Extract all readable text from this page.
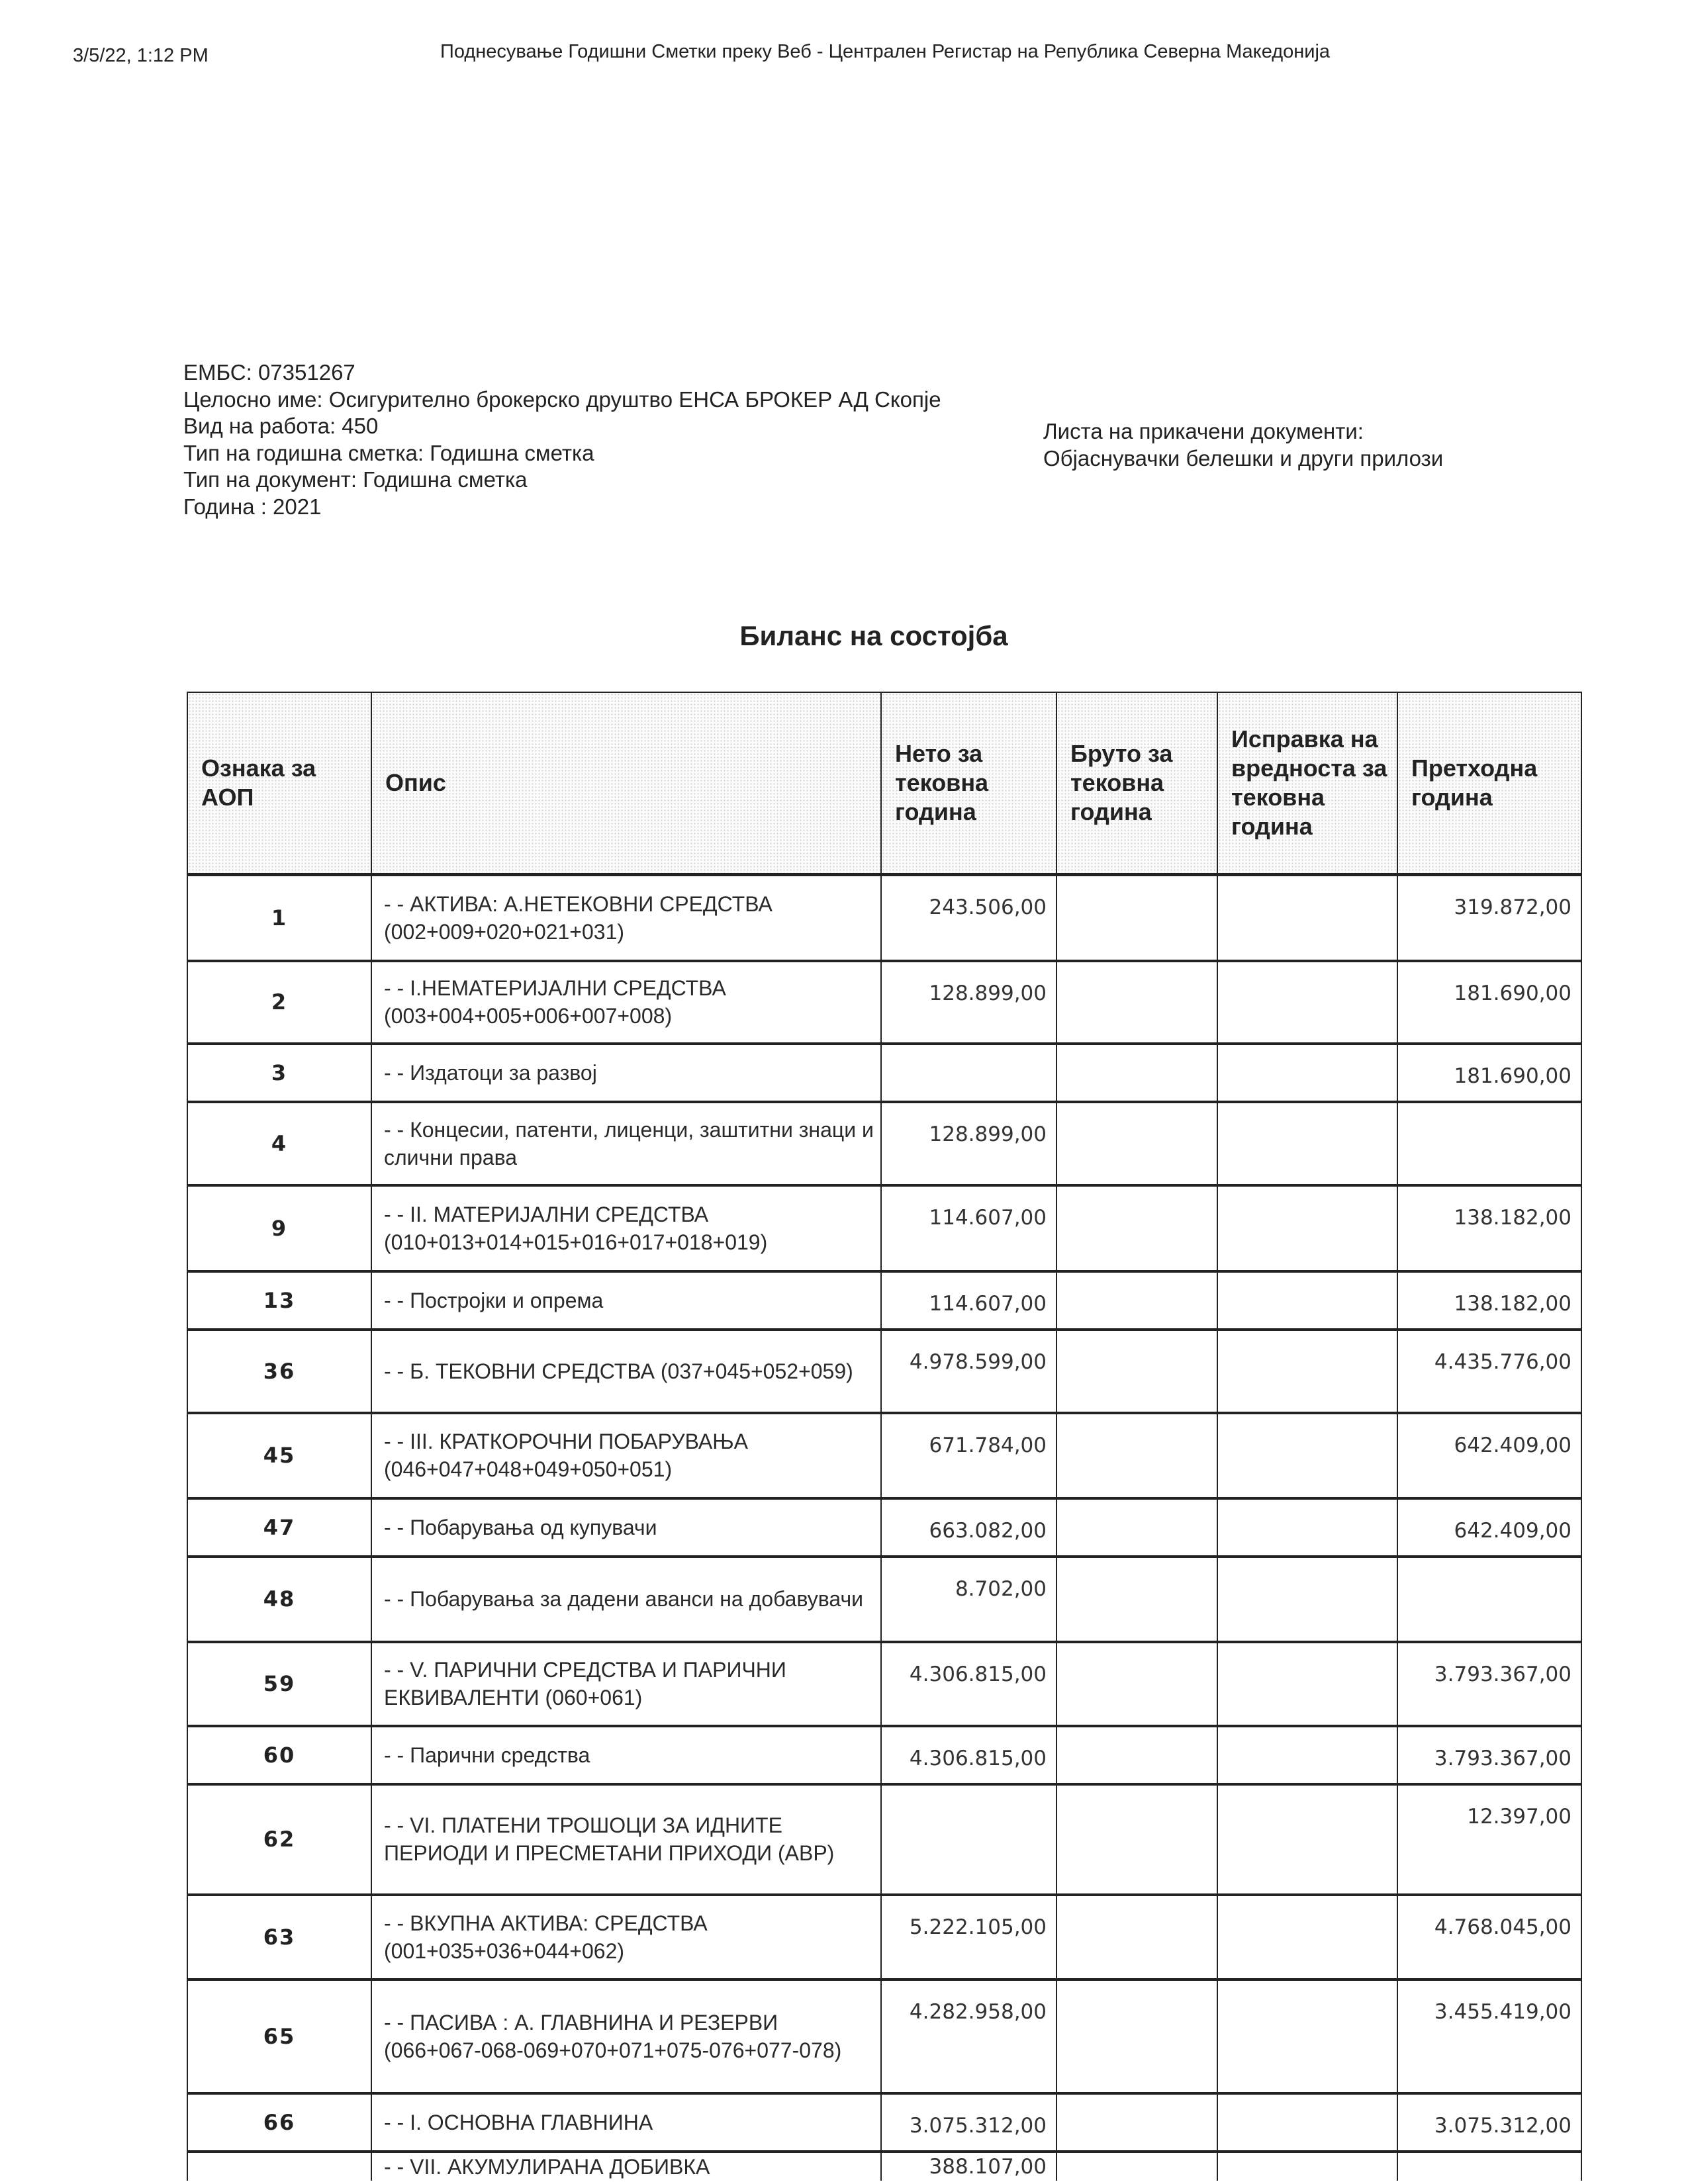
3/5/22, 1:12 PM	Поднесување Годишни Сметки преку Веб - Централен Регистар на Република Северна Македонија
ЕМБС: 07351267
Целосно име: Осигурително брокерско друштво ЕНСА БРОКЕР АД Скопје
Вид на работа: 450
Тип на годишна сметка: Годишна сметка
Тип на документ: Годишна сметка
Година : 2021
Листа на прикачени документи:
Објаснувачки белешки и други прилози
Биланс на состојба
Ознака за АОП	Опис	Нето за тековна година	Бруто за тековна година	Исправка на вредноста за тековна година	Претходна година
1	- - АКТИВА: А.НЕТЕКОВНИ СРЕДСТВА (002+009+020+021+031)	243.506,00			319.872,00
2	- - I.НЕМАТЕРИЈАЛНИ СРЕДСТВА (003+004+005+006+007+008)	128.899,00			181.690,00
3	- - Издатоци за развој				181.690,00
4	- - Концесии, патенти, лиценци, заштитни знаци и слични права	128.899,00			
9	- - II. МАТЕРИЈАЛНИ СРЕДСТВА (010+013+014+015+016+017+018+019)	114.607,00			138.182,00
13	- - Постројки и опрема	114.607,00			138.182,00
36	- - Б. ТЕКОВНИ СРЕДСТВА (037+045+052+059)	4.978.599,00			4.435.776,00
45	- - III. КРАТКОРОЧНИ ПОБАРУВАЊА (046+047+048+049+050+051)	671.784,00			642.409,00
47	- - Побарувања од купувачи	663.082,00			642.409,00
48	- - Побарувања за дадени аванси на добавувачи	8.702,00			
59	- - V. ПАРИЧНИ СРЕДСТВА И ПАРИЧНИ ЕКВИВАЛЕНТИ (060+061)	4.306.815,00			3.793.367,00
60	- - Парични средства	4.306.815,00			3.793.367,00
62	- - VI. ПЛАТЕНИ ТРОШОЦИ ЗА ИДНИТЕ ПЕРИОДИ И ПРЕСМЕТАНИ ПРИХОДИ (АВР)				12.397,00
63	- - ВКУПНА АКТИВА: СРЕДСТВА (001+035+036+044+062)	5.222.105,00			4.768.045,00
65	- - ПАСИВА : А. ГЛАВНИНА И РЕЗЕРВИ (066+067-068-069+070+071+075-076+077-078)	4.282.958,00			3.455.419,00
66	- - I. ОСНОВНА ГЛАВНИНА	3.075.312,00			3.075.312,00
	- - VII. АКУМУЛИРАНА ДОБИВКА	388.107,00			
